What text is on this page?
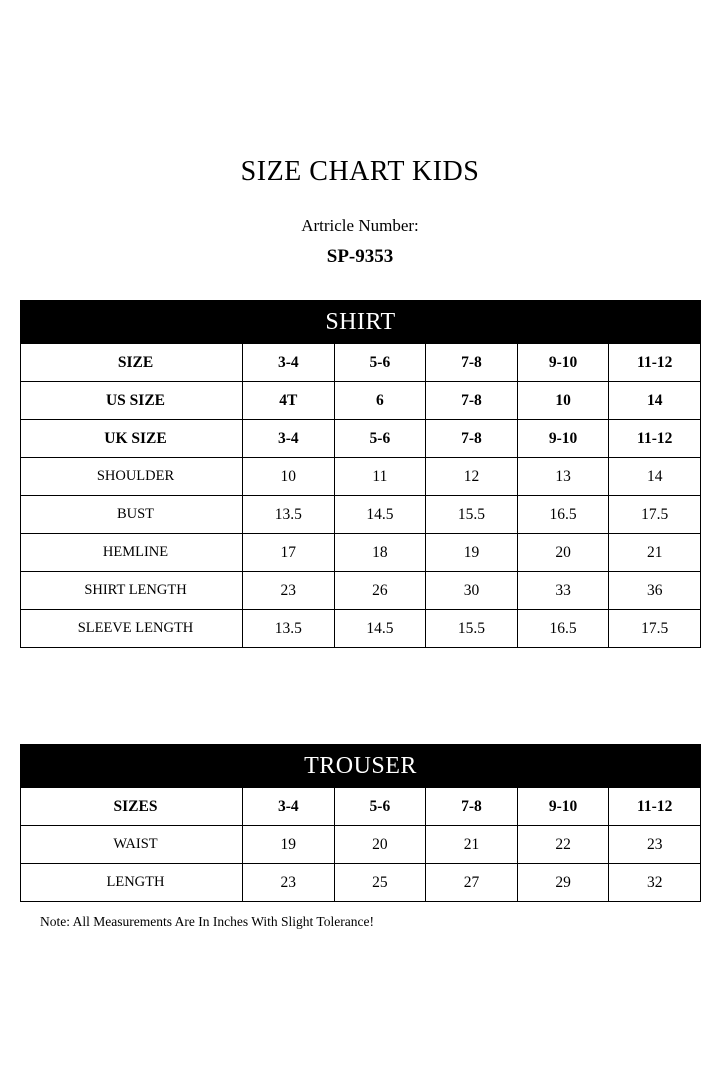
SIZE CHART KIDS

Artricle Number:

SP-9353

SHIRT					
SIZE	3-4	5-6	7-8	9-10	11-12
US SIZE	4T	6	7-8	10	14
UK SIZE	3-4	5-6	7-8	9-10	11-12
SHOULDER	10	11	12	13	14
BUST	13.5	14.5	15.5	16.5	17.5
HEMLINE	17	18	19	20	21
SHIRT LENGTH	23	26	30	33	36
SLEEVE LENGTH	13.5	14.5	15.5	16.5	17.5
TROUSER					
SIZES	3-4	5-6	7-8	9-10	11-12
WAIST	19	20	21	22	23
LENGTH	23	25	27	29	32
Note: All Measurements Are In Inches With Slight Tolerance!
